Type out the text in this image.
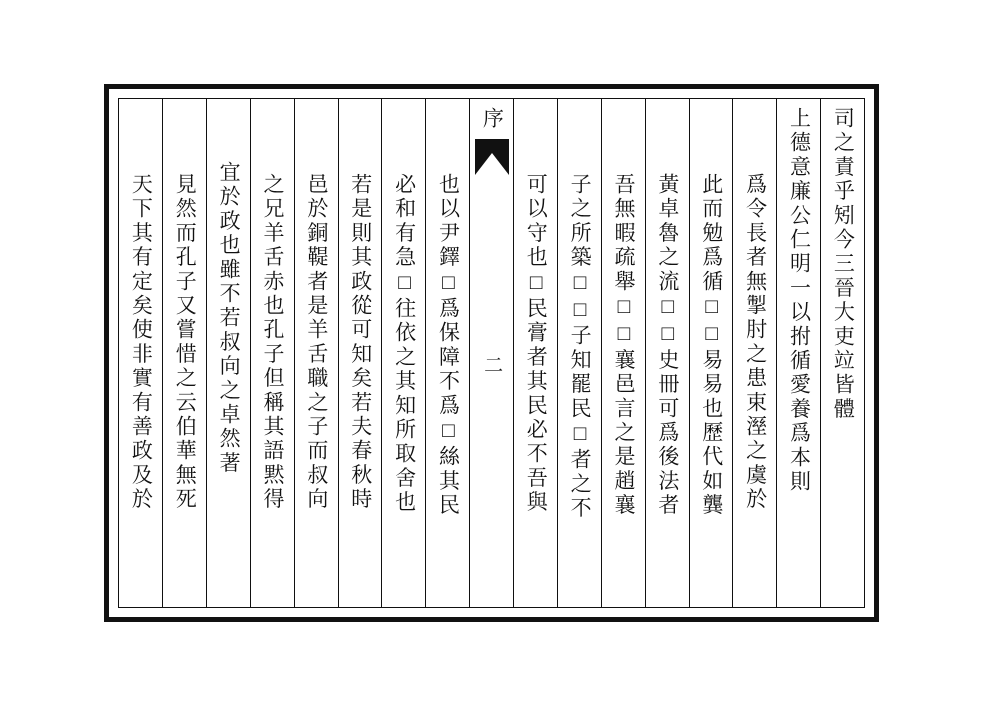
司之責乎矧今三晉大吏竝皆體
上德意廉公仁明一以拊循愛養爲本則
爲令長者無掣肘之患束溼之虞於
此而勉爲循□□易易也歷代如龔
黃卓魯之流□□史冊可爲後法者
吾無暇疏舉□□襄邑言之是趙襄
子之所築□□子知罷民□者之不
可以守也□民膏者其民必不吾與
序
二
也以尹鐸□爲保障不爲□絲其民
必和有急□往依之其知所取舍也
若是則其政從可知矣若夫春秋時
邑於銅鞮者是羊舌職之子而叔向
之兄羊舌赤也孔子但稱其語黙得
宜於政也雖不若叔向之卓然著
見然而孔子又嘗惜之云伯華無死
天下其有定矣使非實有善政及於
